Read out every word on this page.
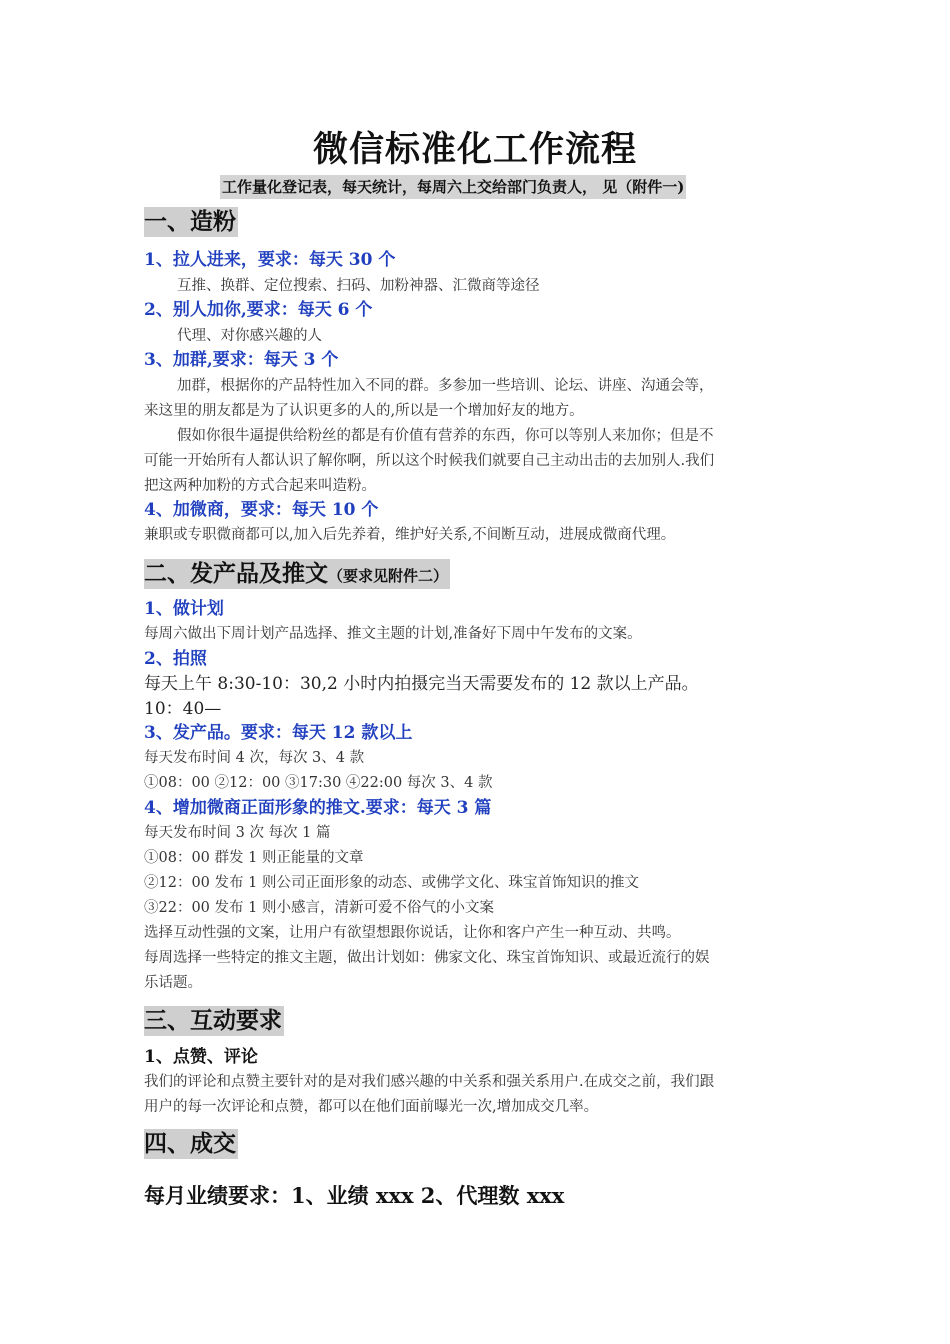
微信标准化工作流程
工作量化登记表，每天统计，每周六上交给部门负责人， 见（附件一)
一、造粉
1、拉人进来，要求：每天 30 个
互推、换群、定位搜索、扫码、加粉神器、汇微商等途径
2、别人加你,要求：每天 6 个
代理、对你感兴趣的人
3、加群,要求：每天 3 个
加群，根据你的产品特性加入不同的群。多参加一些培训、论坛、讲座、沟通会等，
来这里的朋友都是为了认识更多的人的,所以是一个增加好友的地方。
假如你很牛逼提供给粉丝的都是有价值有营养的东西，你可以等别人来加你；但是不
可能一开始所有人都认识了解你啊，所以这个时候我们就要自己主动出击的去加别人.我们
把这两种加粉的方式合起来叫造粉。
4、加微商，要求：每天 10 个
兼职或专职微商都可以,加入后先养着，维护好关系,不间断互动，进展成微商代理。
二、发产品及推文（要求见附件二）
1、做计划
每周六做出下周计划产品选择、推文主题的计划,准备好下周中午发布的文案。
2、拍照
每天上午 8:30-10：30,2 小时内拍摄完当天需要发布的 12 款以上产品。
10：40—
3、发产品。要求：每天 12 款以上
每天发布时间 4 次，每次 3、4 款
①08：00 ②12：00 ③17:30 ④22:00 每次 3、4 款
4、增加微商正面形象的推文.要求：每天 3 篇
每天发布时间 3 次 每次 1 篇
①08：00 群发 1 则正能量的文章
②12：00 发布 1 则公司正面形象的动态、或佛学文化、珠宝首饰知识的推文
③22：00 发布 1 则小感言，清新可爱不俗气的小文案
选择互动性强的文案，让用户有欲望想跟你说话，让你和客户产生一种互动、共鸣。
每周选择一些特定的推文主题，做出计划如：佛家文化、珠宝首饰知识、或最近流行的娱
乐话题。
三、互动要求
1、点赞、评论
我们的评论和点赞主要针对的是对我们感兴趣的中关系和强关系用户.在成交之前，我们跟
用户的每一次评论和点赞，都可以在他们面前曝光一次,增加成交几率。
四、成交
每月业绩要求：1、业绩 xxx 2、代理数 xxx
